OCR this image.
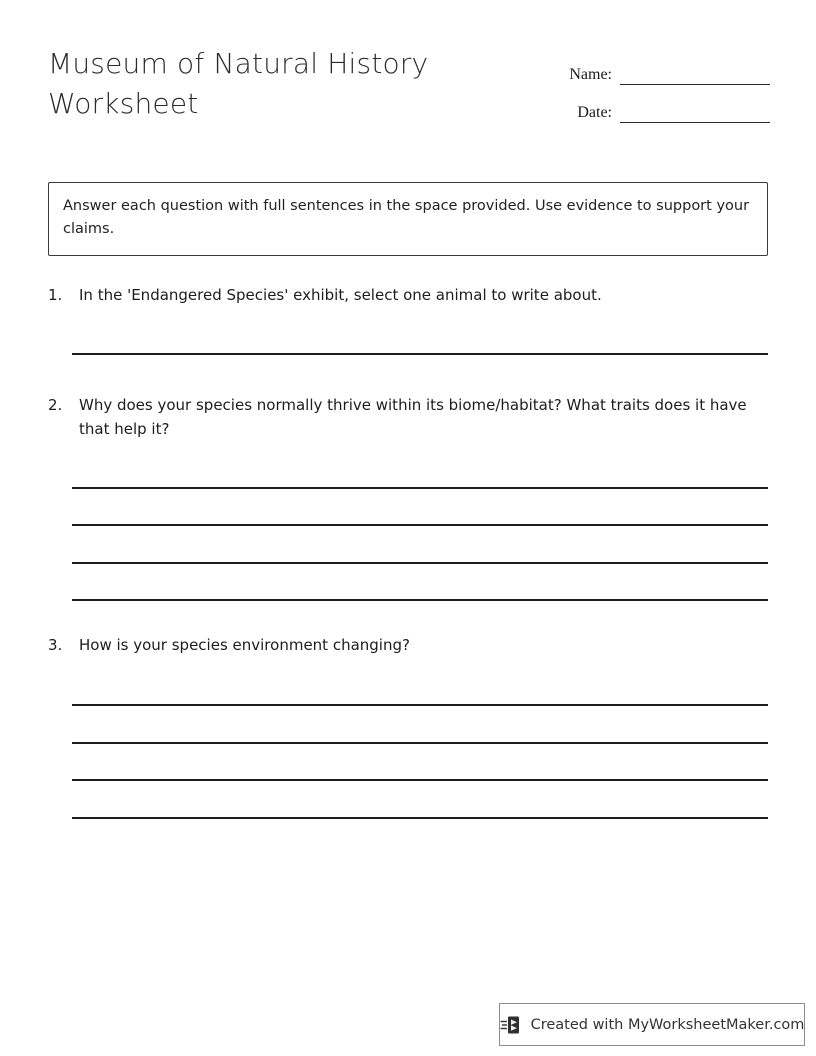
Museum of Natural History Worksheet
Name:
Date:
Answer each question with full sentences in the space provided. Use evidence to support your claims.
1.	In the 'Endangered Species' exhibit, select one animal to write about.
2.	Why does your species normally thrive within its biome/habitat? What traits does it have that help it?
3.	How is your species environment changing?
Created with MyWorksheetMaker.com
